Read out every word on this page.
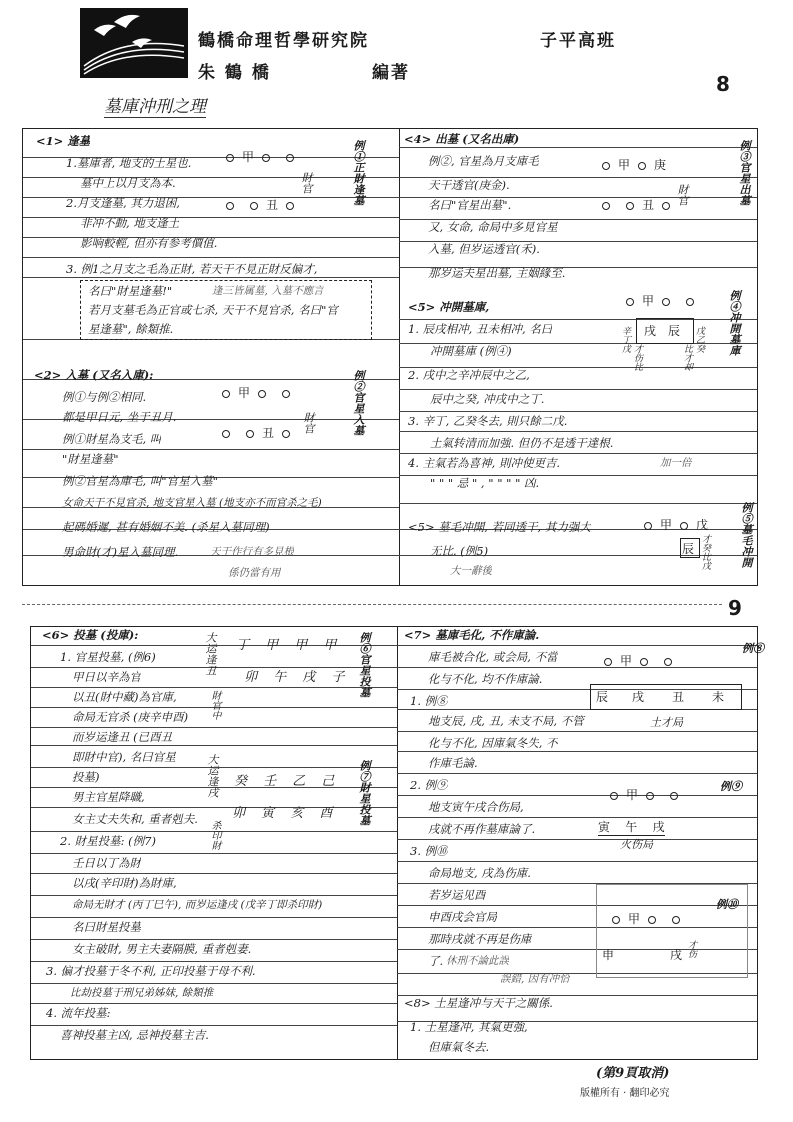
鶴橋命理哲學研究院	子平高班
朱 鶴 橋	編著	8
墓庫沖刑之理
<1> 逢墓
1.墓庫者, 地支的土星也.
墓中上以月支為本.
2.月支逢墓, 其力退困,
非冲不動, 地支逢土
影响較輕, 但亦有参考價值.
3. 例1之月支之毛為正財, 若天干不見正財反偏才,
名曰"財星逢墓!"	逢三皆属墓, 入墓不應言
若月支墓毛為正官或七杀, 天干不見官杀, 名曰"官
星逢墓", 餘類推.
甲
丑
財官	例①正財逢墓
<2> 入墓 (又名入庫):
例①与例②相同.
都是甲日元, 坐于丑月.
例①財星為支毛, 叫
"財星逢墓"
例②官星為庫毛, 叫"官星入墓"
女命天干不見官杀, 地支官星入墓 (地支亦不而官杀之毛)
起碼婚遲, 甚有婚姻不美. (杀星入墓同理)
男命財(才)星入墓同理.	天干作行有多見根
係仍當有用
甲
丑	財官	例②官星入墓
<4> 出墓 (又名出庫)
例②, 官星為月支庫毛
天干透官(庚金).
名曰"官星出墓".
又, 女命, 命局中多見官星
入墓, 但岁运透官(禾).
那岁运夫星出墓, 主姻緣至.
甲 庚
丑	財官	例③官星出墓
<5> 冲開墓庫,
1. 辰戌相冲, 丑未相冲, 名曰
冲開墓庫 (例④)
2. 戌中之辛冲辰中之乙,
辰中之癸, 冲戌中之丁.
3. 辛丁, 乙癸冬去, 則只餘二戊.
土氣转清而加強. 但仍不是透干達根.
4. 主氣若為喜神, 則冲使更吉.	加一倍
" " " 忌 " , " " " " 凶.
甲
戌 辰
辛丁戊
才伤比
戊乙癸
比才却
例④冲開墓庫
<5> 墓毛冲開, 若同透干, 其力强大
无比. (例5)
大一辭後
甲 戊
辰 才癸比戊	例⑤墓毛冲開
9
<6> 投墓 (投庫):
1. 官星投墓, (例6)
甲日以辛為官
以丑(財中藏)為官庫,
命局无官杀 (庚辛申酉)
而岁运逢丑 (已酉丑
即財中官), 名曰官星
投墓)
男主官星降職,
女主丈夫失和, 重者剋夫.
2. 財星投墓: (例7)
壬日以丁為財
以戌(辛印財)為財庫,
命局无財才 (丙丁巳午), 而岁运逢戌 (戊辛丁即杀印財)
名曰財星投墓
女主破財, 男主夫妻隔膜, 重者剋妻.
3. 偏才投墓于冬不利, 正印投墓于母不利.
比劫投墓于刑兄弟姊妹, 餘類推
4. 流年投墓:
喜神投墓主凶, 忌神投墓主吉.
大运逢丑 丁 甲 甲 甲
卯 午 戌 子
財官中
例⑥官星投墓
大运逢戌 癸 壬 乙 己
卯 寅 亥 酉
杀印財
例⑦財星投墓
<7> 墓庫毛化, 不作庫論.
庫毛被合化, 或会局, 不當
化与不化, 均不作庫論.
1. 例⑧
地支辰, 戌, 丑, 未支不局, 不管
化与不化, 因庫氣冬失, 不
作庫毛論.
2. 例⑨
地支寅午戌合伤局,
戌就不再作墓庫論了.
3. 例⑩
命局地支, 戌為伤庫.
若岁运见酉
申酉戌会官局
那時戌就不再是伤庫
了. 休刑不論此誤
誤錯, 因有冲恰
甲
辰 戌 丑 未
土才局
例⑧
甲
寅 午 戌
火伤局
例⑨
甲
申	戌 才伤
例⑩
<8> 土星逢冲与天干之關係.
1. 土星逢冲, 其氣更強,
但庫氣冬去.
(第9頁取消)
版權所有 · 翻印必究
